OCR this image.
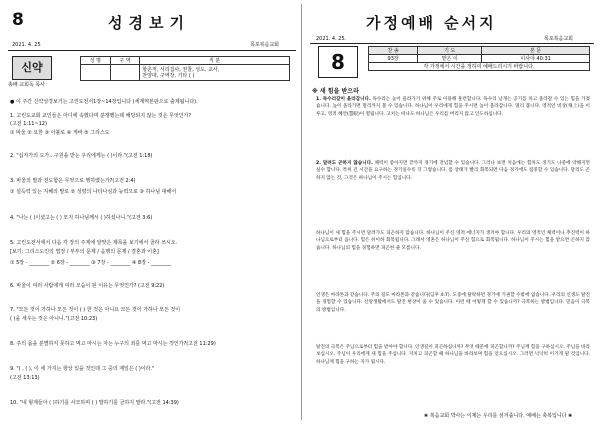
8	성경보기
2021. 4. 25	목포복음교회
신약
총배 교회독 목사
성 명	구 역	직 분
		항존직, 서리집사, 권찰, 성도, 교사,
찬양대, 구역장, 기타 ( )
● 이 주간 신약성경보기는 고린도전서1장~14장입니다 (세계역본판으로 출제됩니다).
1. 고린도교회 교인들은 아디에 속했다며 분쟁했는데 해당되지 않는 것은 무엇인가?
(고전 1:11~12)
① 바울 ② 요한 ③ 아볼로 ④ 게바 ⑤ 그리스도
2. "십자가의 도가...구원을 받는 우리에게는 ( )이라."(고전 1:18)
3. 바울의 말과 전도함은 무엇으로 행하였는가?(고전 2:4)
① 설득력 있는 지혜의 말로 ② 성령의 나타나심과 능력으로 ③ 하나님 대해서
4. "나는 ( )이셨고는 ( ) 모지 하나님께서 ( )하셨나니."(고전 3:6)
5. 고린도전서에서 다음 각 장의 주제에 알맞은 제목을 보기에서 골라 쓰시오.
[보기: 그리스도인의 법정 / 부부의 문제 / 음행의 문제 / 결혼과 이혼]
① 5장 - ________ ② 6장 - ________ ③ 7장 - ________ ④ 8장 - ________
6. 바울이 여러 사람에게 여러 모습이 된 이유는 무엇인가? (고전 9:22)
7. "모든 것이 가하나 모든 것이 ( ) 한 것은 아니요 모든 것이 가하나 모든 것이
( )을 세우는 것은 아니니."(고전 10:23)
8. 주의 몸을 분별하지 못하고 먹고 마시는 자는 누구의 죄를 먹고 마시는 것인가?(고전 11:29)
9. "( , ( ), 이 세 가지는 항상 있을 것인데 그 중의 제일은 ( )이라."
(고전 13:13)
10. "내 형제들아 ( )하기를 사모하며 ( ) 말하기를 금하지 말라."(고전 14:39)
가정예배 순서지
2021. 4. 25.	목포복음교회
8	찬 송	기 도	본 문
93장	맡은 이	이사야 40:31
각 가정에서 시간을 정하여 예배드리시기 바랍니다.		
※ 새 힘을 받으라
1. 독수리같이 올라갑니다. 독수리는 높이 올라가기 위해 주로 이용해 훈련합니다. 독수리 날개는 공기를 차고 올라갈 수 있는 힘을 가졌습니다. 높이 올라가면 멀리까지 볼 수 있습니다. 하나님이 우리에게 힘을 주시면 높이 올라갑니다. 멀리 봅니다. 영적인 비상(飛上)을 이루고, 영적 혜안(慧眼)이 열립니다. 고치는 떠나도 하나님은 우리를 버리지 않고 인도하십니다.
2. 달려도 곤하지 않습니다. 체력이 좋아지면 끝까지 경기에 전념할 수 있습니다. 그러나 보면 처음에는 힘차도 경기도 나중에 약해지면 실수 합니다. 특히 긴 시간을 요구하는 경기일수록 더 그렇습니다. 몸 상태가 빨리 회복되면 다음 경기에도 집중할 수 있습니다. 달리도 곤하지 않는 것, 그것은 하나님이 주시는 힘입니다.
하나님이 새 힘을 주시면 달려가도 피곤하지 않습니다. 하나님이 주신 영적 에너지가 생겨야 합니다. 우리의 영적인 체력이나 추진력이 하나님으로부터 옵니다. 힘은 쉬이하 회복됩니다. 그래서 영혼은 하나님이 주신 힘으로 회복됩니다. 하나님이 주시는 힘을 받으면 곤하지 않습니다. 하나님의 힘을 경험하면 피곤한 줄 모릅니다.
인생은 마라톤과 같습니다. 주의 길도 마라톤과 같습니다(딤후 4:7). 도중에 탈락하면 경기에 기권할 수밖에 없습니다. 우리의 인생도 탈진을 경험할 수 있습니다. 신앙생활에서도 탈진 현상이 올 수 있습니다. 이런 때 어떻게 할 수 있습니까? 극복하는 방법입니다. 믿음이 극복의 방법입니다.
탈진의 극복은 주님으로부터 힘을 받아야 합니다. 인생길이 피곤하십니까? 무엇 때문에 피곤합니까? 주님께 힘을 구하십시오. 주님을 바라보십시오. 주님이 우리에게 새 힘을 주십니다. 지치고 피곤할 때 하나님을 바라보며 힘을 얻으십시오. 그러면 넉넉히 이기게 될 것입니다. 하나님께 힘을 구하는 자가 됩시다.
❀ 복음교회 박사는 이제는 우리를 섬겨줍니다. 예배는 축복입니다 ❀
